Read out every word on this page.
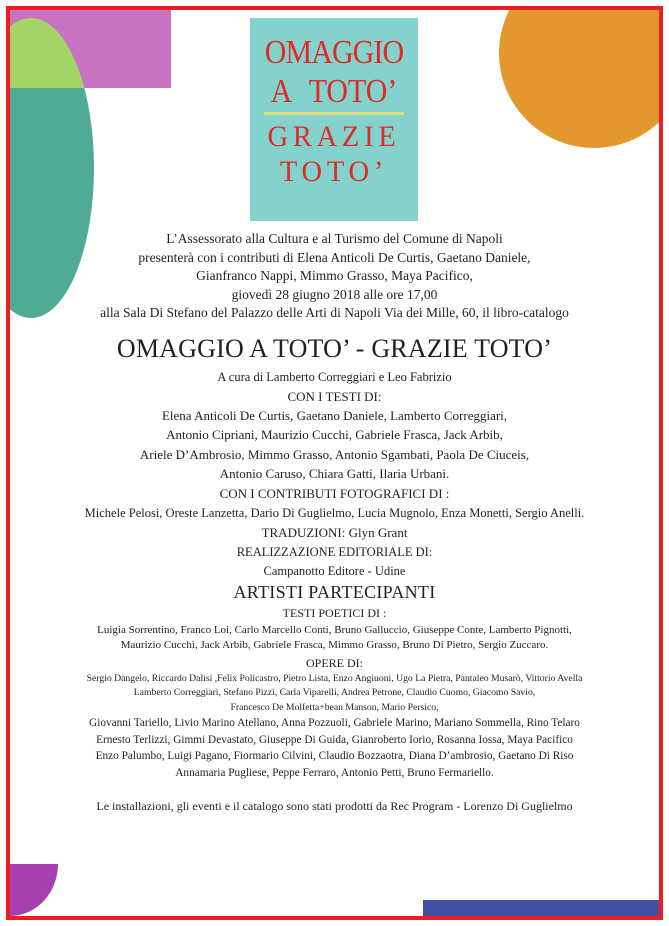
OMAGGIO
A TOTO’
GRAZIE
TOTO’
L’Assessorato alla Cultura e al Turismo del Comune di Napoli
presenterà con i contributi di Elena Anticoli De Curtis, Gaetano Daniele,
Gianfranco Nappi, Mimmo Grasso, Maya Pacifico,
giovedì 28 giugno 2018 alle ore 17,00
alla Sala Di Stefano del Palazzo delle Arti di Napoli Via dei Mille, 60, il libro-catalogo
OMAGGIO A TOTO’ - GRAZIE TOTO’
A cura di Lamberto Correggiari e Leo Fabrizio
CON I TESTI DI:
Elena Anticoli De Curtis, Gaetano Daniele, Lamberto Correggiari,
Antonio Cipriani, Maurizio Cucchi, Gabriele Frasca, Jack Arbib,
Ariele D’Ambrosio, Mimmo Grasso, Antonio Sgambati, Paola De Ciuceis,
Antonio Caruso, Chiara Gatti, Ilaria Urbani.
CON I CONTRIBUTI FOTOGRAFICI DI :
Michele Pelosi, Oreste Lanzetta, Dario Di Guglielmo, Lucia Mugnolo, Enza Monetti, Sergio Anelli.
TRADUZIONI: Glyn Grant
REALIZZAZIONE EDITORIALE DI:
Campanotto Editore - Udine
ARTISTI PARTECIPANTI
TESTI POETICI DI :
Luigia Sorrentino, Franco Loi, Carlo Marcello Conti, Bruno Galluccio, Giuseppe Conte, Lamberto Pignotti,
Maurizio Cucchi, Jack Arbib, Gabriele Frasca, Mimmo Grasso, Bruno Di Pietro, Sergio Zuccaro.
OPERE DI:
Sergio Dangelo, Riccardo Dalisi ,Felix Policastro, Pietro Lista, Enzo Angiuoni, Ugo La Pietra, Pantaleo Musarò, Vittorio Avella
Lamberto Correggiari, Stefano Pizzi, Carla Viparelli, Andrea Petrone, Claudio Cuomo, Giacomo Savio,
Francesco De Molfetta+bean Manson, Mario Persico,
Giovanni Tariello, Livio Marino Atellano, Anna Pozzuoli, Gabriele Marino, Mariano Sommella, Rino Telaro
Ernesto Terlizzi, Gimmi Devastato, Giuseppe Di Guida, Gianroberto Iorio, Rosanna Iossa, Maya Pacifico
Enzo Palumbo, Luigi Pagano, Fiormario Cilvini, Claudio Bozzaotra, Diana D’ambrosio, Gaetano Di Riso
Annamaria Pugliese, Peppe Ferraro, Antonio Petti, Bruno Fermariello.
Le installazioni, gli eventi e il catalogo sono stati prodotti da Rec Program - Lorenzo Di Guglielmo
